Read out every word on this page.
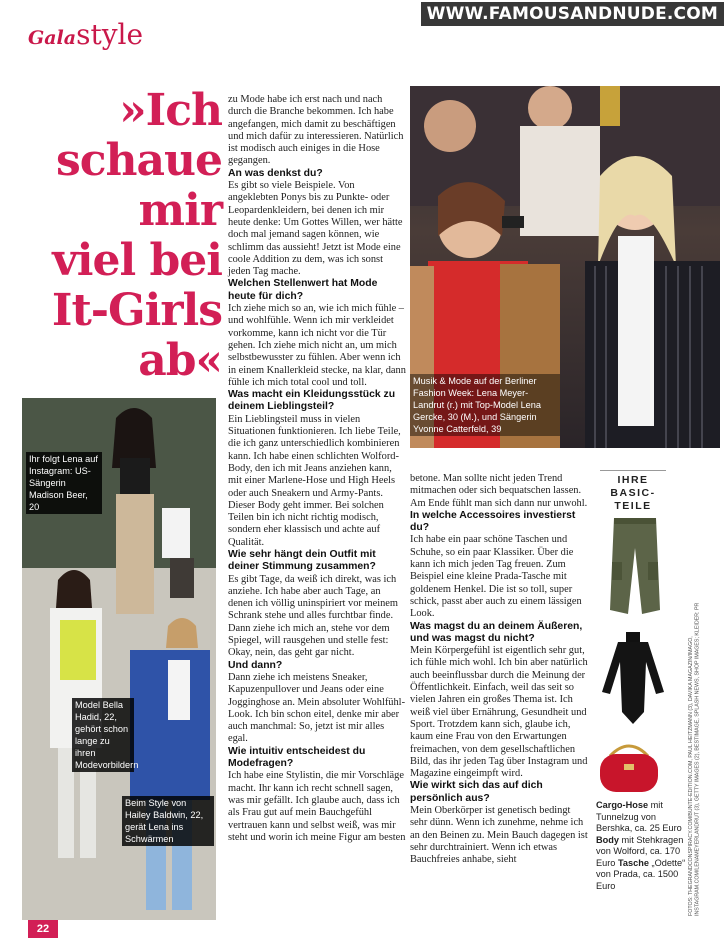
Galastyle
WWW.FAMOUSANDNUDE.COM
»Ich
schaue
mir
viel bei
It-Girls
ab«

zu Mode habe ich erst nach und nach durch die Branche bekommen. Ich habe angefangen, mich damit zu beschäftigen und mich dafür zu interessieren. Natürlich ist modisch auch einiges in die Hose gegangen.

An was denkst du?

Es gibt so viele Beispiele. Von angeklebten Ponys bis zu Punkte- oder Leopardenkleidern, bei denen ich mir heute denke: Um Gottes Willen, wer hätte doch mal jemand sagen können, wie schlimm das aussieht! Jetzt ist Mode eine coole Addition zu dem, was ich sonst jeden Tag mache.

Welchen Stellenwert hat Mode heute für dich?

Ich ziehe mich so an, wie ich mich fühle – und wohlfühle. Wenn ich mir verkleidet vorkomme, kann ich nicht vor die Tür gehen. Ich ziehe mich nicht an, um mich selbstbewusster zu fühlen. Aber wenn ich in einem Knallerkleid stecke, na klar, dann fühle ich mich total cool und toll.

Was macht ein Kleidungsstück zu deinem Lieblingsteil?

Ein Lieblingsteil muss in vielen Situationen funktionieren. Ich liebe Teile, die ich ganz unterschiedlich kombinieren kann. Ich habe einen schlichten Wolford-Body, den ich mit Jeans anziehen kann, mit einer Marlene-Hose und High Heels oder auch Sneakern und Army-Pants. Dieser Body geht immer. Bei solchen Teilen bin ich nicht richtig modisch, sondern eher klassisch und achte auf Qualität.

Wie sehr hängt dein Outfit mit deiner Stimmung zusammen?

Es gibt Tage, da weiß ich direkt, was ich anziehe. Ich habe aber auch Tage, an denen ich völlig uninspiriert vor meinem Schrank stehe und alles furchtbar finde. Dann ziehe ich mich an, stehe vor dem Spiegel, will rausgehen und stelle fest: Okay, nein, das geht gar nicht.

Und dann?

Dann ziehe ich meistens Sneaker, Kapuzenpullover und Jeans oder eine Jogginghose an. Mein absoluter Wohlfühl-Look. Ich bin schon eitel, denke mir aber auch manchmal: So, jetzt ist mir alles egal.

Wie intuitiv entscheidest du Modefragen?

Ich habe eine Stylistin, die mir Vorschläge macht. Ihr kann ich recht schnell sagen, was mir gefällt. Ich glaube auch, dass ich als Frau gut auf mein Bauchgefühl vertrauen kann und selbst weiß, was mir steht und worin ich meine Figur am besten

betone. Man sollte nicht jeden Trend mitmachen oder sich bequatschen lassen. Am Ende fühlt man sich dann nur unwohl.

In welche Accessoires investierst du?

Ich habe ein paar schöne Taschen und Schuhe, so ein paar Klassiker. Über die kann ich mich jeden Tag freuen. Zum Beispiel eine kleine Prada-Tasche mit goldenem Henkel. Die ist so toll, super schick, passt aber auch zu einem lässigen Look.

Was magst du an deinem Äußeren, und was magst du nicht?

Mein Körpergefühl ist eigentlich sehr gut, ich fühle mich wohl. Ich bin aber natürlich auch beeinflussbar durch die Meinung der Öffentlichkeit. Einfach, weil das seit so vielen Jahren ein großes Thema ist. Ich weiß viel über Ernährung, Gesundheit und Sport. Trotzdem kann sich, glaube ich, kaum eine Frau von den Erwartungen freimachen, von dem gesellschaftlichen Bild, das ihr jeden Tag über Instagram und Magazine eingeimpft wird.

Wie wirkt sich das auf dich persönlich aus?

Mein Oberkörper ist genetisch bedingt sehr dünn. Wenn ich zunehme, nehme ich an den Beinen zu. Mein Bauch dagegen ist sehr durchtrainiert. Wenn ich etwas Bauchfreies anhabe, sieht

Musik & Mode auf der Berliner Fashion Week: Lena Meyer-Landrut (r.) mit Top-Model Lena Gercke, 30 (M.), und Sängerin Yvonne Catterfeld, 39
Ihr folgt Lena auf Instagram: US-Sängerin Madison Beer, 20
Model Bella Hadid, 22, gehört schon lange zu ihren Modevorbildern
Beim Style von Hailey Baldwin, 22, gerät Lena ins Schwärmen
IHRE BASIC-TEILE
Cargo-Hose mit Tunnelzug von Bershka, ca. 25 Euro Body mit Stehkragen von Wolford, ca. 170 Euro Tasche „Odette“ von Prada, ca. 1500 Euro	FOTOS: THEGRANDCONSPIRACY.COM/BUNTE-EDITION.COM, PAUL HEITZMANN (3), DAVIKA MAGAZIN/IMAGO, INSTAGRAM.COM/LENAMEYERLANDRUT (3), GETTY IMAGES (2), BESTIMAGE, SPLASH NEWS, SHOP IMAGES; KLEIDER: PR
22
